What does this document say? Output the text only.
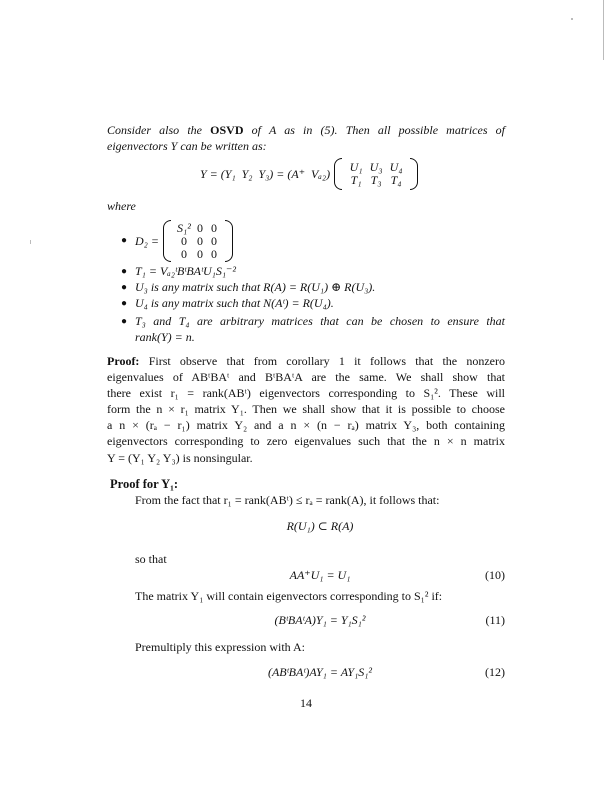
Consider also the OSVD of A as in (5). Then all possible matrices of
eigenvectors Y can be written as:
Y = (Y₁  Y₂  Y₃) = (A⁺  Vₐ₂) U₁ U₃ U₄
T₁ T₃ T₄
where
● D₂ =
S₁² 0 0
0 0 0
0 0 0
● T₁ = Vₐ₂ᵗBᵗBAᵗU₁S₁⁻²
● U₃ is any matrix such that R(A) = R(U₁) ⊕ R(U₃).
● U₄ is any matrix such that N(Aᵗ) = R(U₄).
● T₃ and T₄ are arbitrary matrices that can be chosen to ensure that
rank(Y) = n.
Proof: First observe that from corollary 1 it follows that the nonzero
eigenvalues of ABᵗBAᵗ and BᵗBAᵗA are the same. We shall show that
there exist r₁ = rank(ABᵗ) eigenvectors corresponding to S₁². These will
form the n × r₁ matrix Y₁. Then we shall show that it is possible to choose
a n × (rₐ − r₁) matrix Y₂ and a n × (n − rₐ) matrix Y₃, both containing
eigenvectors corresponding to zero eigenvalues such that the n × n matrix
Y = (Y₁ Y₂ Y₃) is nonsingular.
Proof for Y₁:
From the fact that r₁ = rank(ABᵗ) ≤ rₐ = rank(A), it follows that:
R(U₁) ⊂ R(A)
so that
AA⁺U₁ = U₁	(10)
The matrix Y₁ will contain eigenvectors corresponding to S₁² if:
(BᵗBAᵗA)Y₁ = Y₁S₁²	(11)
Premultiply this expression with A:
(ABᵗBAᵗ)AY₁ = AY₁S₁²	(12)
14
